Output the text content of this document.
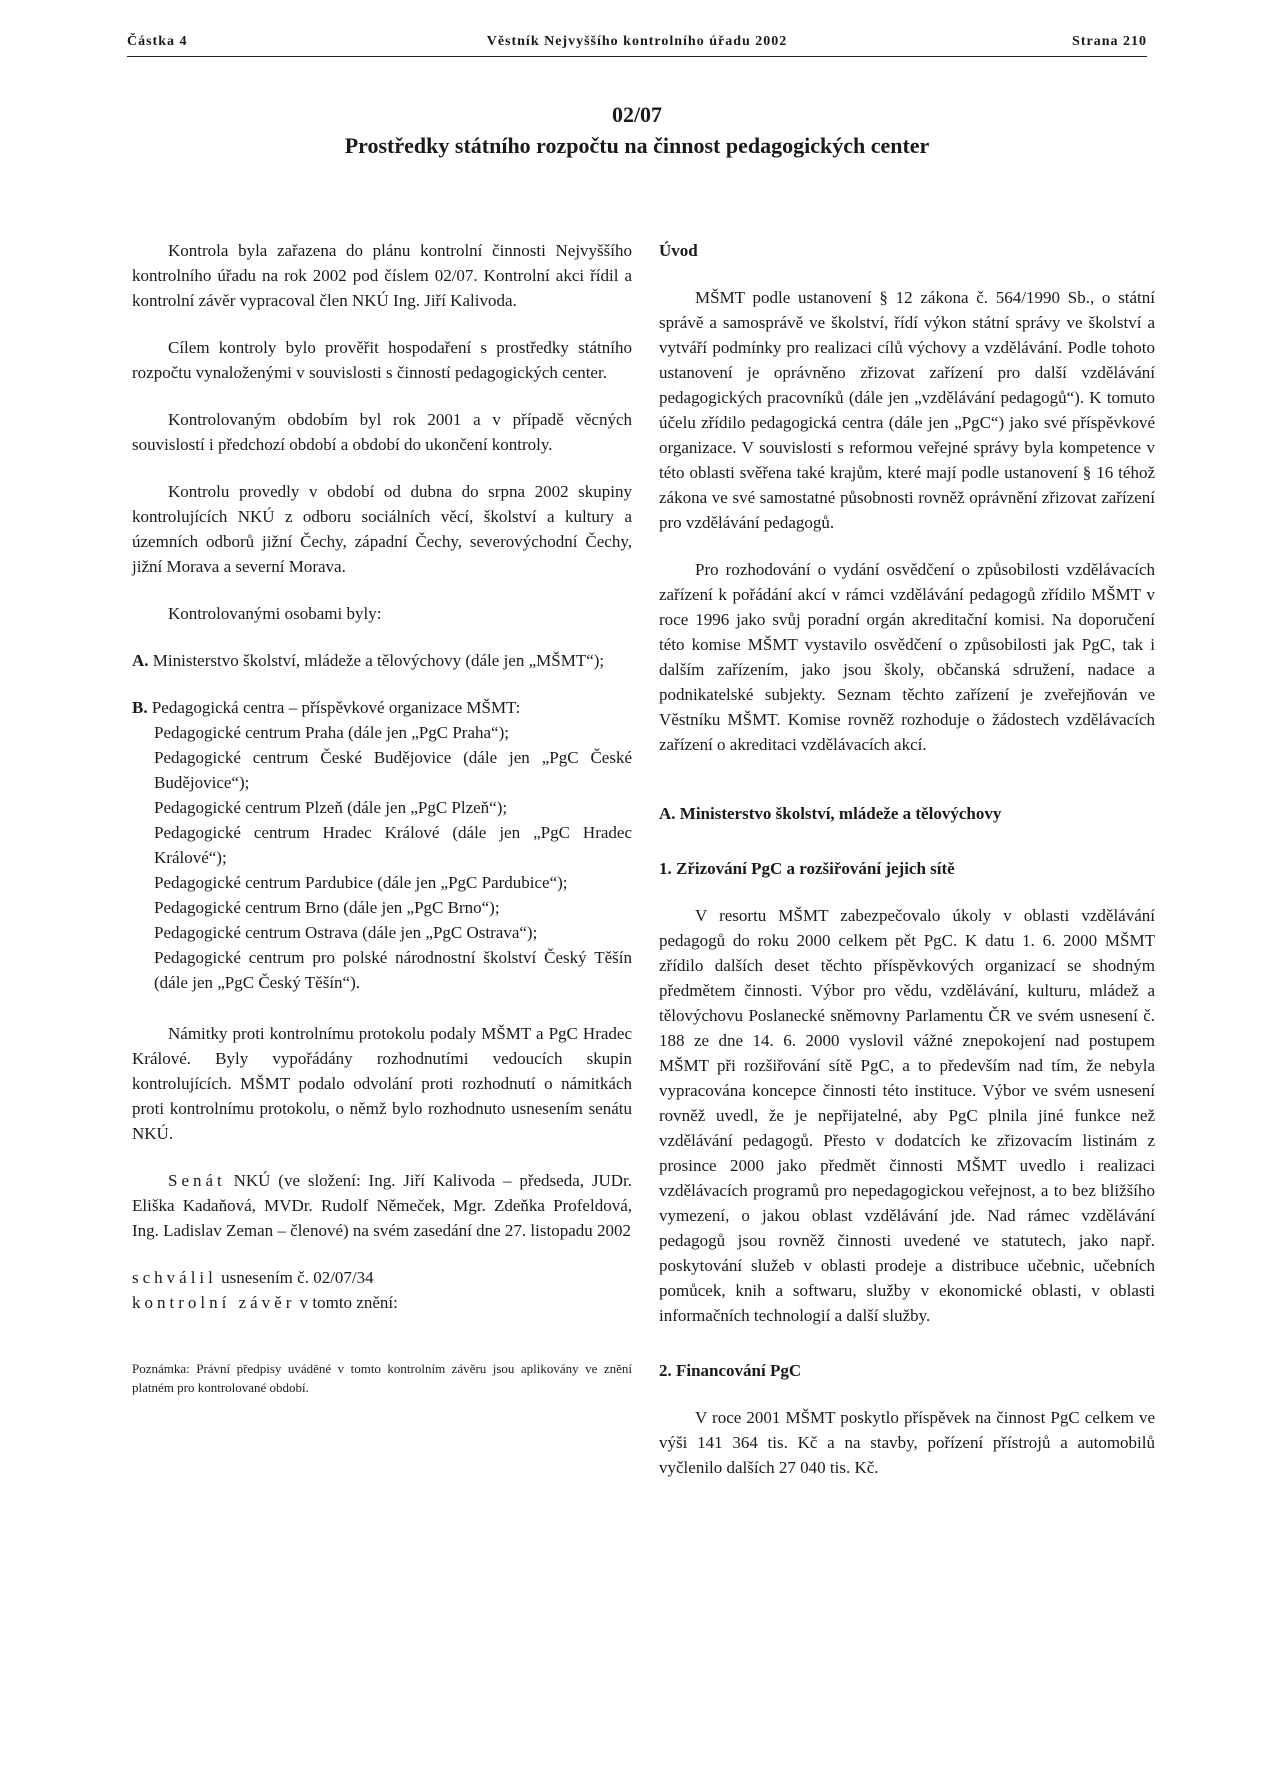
Částka 4	Věstník Nejvyššího kontrolního úřadu 2002	Strana 210
02/07
Prostředky státního rozpočtu na činnost pedagogických center

Kontrola byla zařazena do plánu kontrolní činnosti Nejvyššího kontrolního úřadu na rok 2002 pod číslem 02/07. Kontrolní akci řídil a kontrolní závěr vypracoval člen NKÚ Ing. Jiří Kalivoda.

Cílem kontroly bylo prověřit hospodaření s prostředky státního rozpočtu vynaloženými v souvislosti s činností pedagogických center.

Kontrolovaným obdobím byl rok 2001 a v případě věcných souvislostí i předchozí období a období do ukončení kontroly.

Kontrolu provedly v období od dubna do srpna 2002 skupiny kontrolujících NKÚ z odboru sociálních věcí, školství a kultury a územních odborů jižní Čechy, západní Čechy, severovýchodní Čechy, jižní Morava a severní Morava.

Kontrolovanými osobami byly:

A. Ministerstvo školství, mládeže a tělovýchovy (dále jen „MŠMT“);
B. Pedagogická centra – příspěvkové organizace MŠMT:
Pedagogické centrum Praha (dále jen „PgC Praha“);
Pedagogické centrum České Budějovice (dále jen „PgC České Budějovice“);
Pedagogické centrum Plzeň (dále jen „PgC Plzeň“);
Pedagogické centrum Hradec Králové (dále jen „PgC Hradec Králové“);
Pedagogické centrum Pardubice (dále jen „PgC Pardubice“);
Pedagogické centrum Brno (dále jen „PgC Brno“);
Pedagogické centrum Ostrava (dále jen „PgC Ostrava“);
Pedagogické centrum pro polské národnostní školství Český Těšín (dále jen „PgC Český Těšín“).

Námitky proti kontrolnímu protokolu podaly MŠMT a PgC Hradec Králové. Byly vypořádány rozhodnutími vedoucích skupin kontrolujících. MŠMT podalo odvolání proti rozhodnutí o námitkách proti kontrolnímu protokolu, o němž bylo rozhodnuto usnesením senátu NKÚ.

Senát NKÚ (ve složení: Ing. Jiří Kalivoda – předseda, JUDr. Eliška Kadaňová, MVDr. Rudolf Němeček, Mgr. Zdeňka Profeldová, Ing. Ladislav Zeman – členové) na svém zasedání dne 27. listopadu 2002

schválil usnesením č. 02/07/34

kontrolní závěr v tomto znění:

Poznámka: Právní předpisy uváděné v tomto kontrolním závěru jsou aplikovány ve znění platném pro kontrolované období.

Úvod

MŠMT podle ustanovení § 12 zákona č. 564/1990 Sb., o státní správě a samosprávě ve školství, řídí výkon státní správy ve školství a vytváří podmínky pro realizaci cílů výchovy a vzdělávání. Podle tohoto ustanovení je oprávněno zřizovat zařízení pro další vzdělávání pedagogických pracovníků (dále jen „vzdělávání pedagogů“). K tomuto účelu zřídilo pedagogická centra (dále jen „PgC“) jako své příspěvkové organizace. V souvislosti s reformou veřejné správy byla kompetence v této oblasti svěřena také krajům, které mají podle ustanovení § 16 téhož zákona ve své samostatné působnosti rovněž oprávnění zřizovat zařízení pro vzdělávání pedagogů.

Pro rozhodování o vydání osvědčení o způsobilosti vzdělávacích zařízení k pořádání akcí v rámci vzdělávání pedagogů zřídilo MŠMT v roce 1996 jako svůj poradní orgán akreditační komisi. Na doporučení této komise MŠMT vystavilo osvědčení o způsobilosti jak PgC, tak i dalším zařízením, jako jsou školy, občanská sdružení, nadace a podnikatelské subjekty. Seznam těchto zařízení je zveřejňován ve Věstníku MŠMT. Komise rovněž rozhoduje o žádostech vzdělávacích zařízení o akreditaci vzdělávacích akcí.

A. Ministerstvo školství, mládeže a tělovýchovy

1. Zřizování PgC a rozšiřování jejich sítě

V resortu MŠMT zabezpečovalo úkoly v oblasti vzdělávání pedagogů do roku 2000 celkem pět PgC. K datu 1. 6. 2000 MŠMT zřídilo dalších deset těchto příspěvkových organizací se shodným předmětem činnosti. Výbor pro vědu, vzdělávání, kulturu, mládež a tělovýchovu Poslanecké sněmovny Parlamentu ČR ve svém usnesení č. 188 ze dne 14. 6. 2000 vyslovil vážné znepokojení nad postupem MŠMT při rozšiřování sítě PgC, a to především nad tím, že nebyla vypracována koncepce činnosti této instituce. Výbor ve svém usnesení rovněž uvedl, že je nepřijatelné, aby PgC plnila jiné funkce než vzdělávání pedagogů. Přesto v dodatcích ke zřizovacím listinám z prosince 2000 jako předmět činnosti MŠMT uvedlo i realizaci vzdělávacích programů pro nepedagogickou veřejnost, a to bez bližšího vymezení, o jakou oblast vzdělávání jde. Nad rámec vzdělávání pedagogů jsou rovněž činnosti uvedené ve statutech, jako např. poskytování služeb v oblasti prodeje a distribuce učebnic, učebních pomůcek, knih a softwaru, služby v ekonomické oblasti, v oblasti informačních technologií a další služby.

2. Financování PgC

V roce 2001 MŠMT poskytlo příspěvek na činnost PgC celkem ve výši 141 364 tis. Kč a na stavby, pořízení přístrojů a automobilů vyčlenilo dalších 27 040 tis. Kč.
